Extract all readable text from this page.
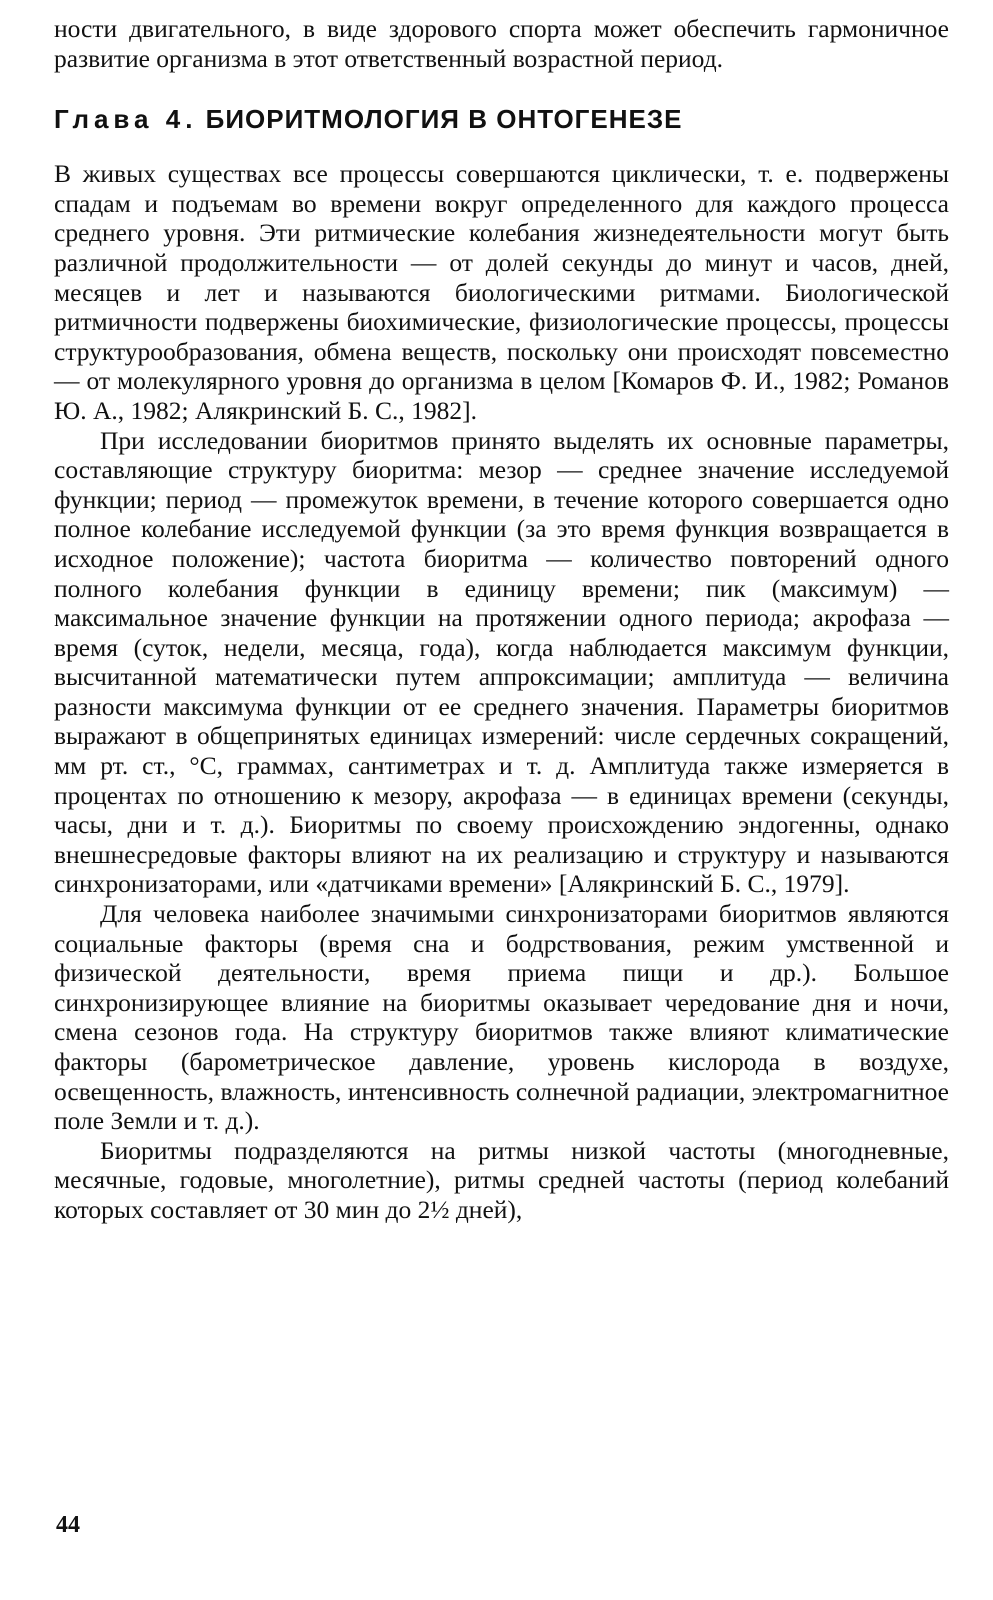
ности двигательного, в виде здорового спорта может обеспечить гармоничное развитие организма в этот ответственный возрастной период.

Глава 4. БИОРИТМОЛОГИЯ В ОНТОГЕНЕЗЕ

В живых существах все процессы совершаются циклически, т. е. подвержены спадам и подъемам во времени вокруг определенного для каждого процесса среднего уровня. Эти ритмические колебания жизнедеятельности могут быть различной продолжительности — от долей секунды до минут и часов, дней, месяцев и лет и называются биологическими ритмами. Биологической ритмичности подвержены биохимические, физиологические процессы, процессы структурообразования, обмена веществ, поскольку они происходят повсеместно — от молекулярного уровня до организма в целом [Комаров Ф. И., 1982; Романов Ю. А., 1982; Алякринский Б. С., 1982].

При исследовании биоритмов принято выделять их основные параметры, составляющие структуру биоритма: мезор — среднее значение исследуемой функции; период — промежуток времени, в течение которого совершается одно полное колебание исследуемой функции (за это время функция возвращается в исходное положение); частота биоритма — количество повторений одного полного колебания функции в единицу времени; пик (максимум) — максимальное значение функции на протяжении одного периода; акрофаза — время (суток, недели, месяца, года), когда наблюдается максимум функции, высчитанной математически путем аппроксимации; амплитуда — величина разности максимума функции от ее среднего значения. Параметры биоритмов выражают в общепринятых единицах измерений: числе сердечных сокращений, мм рт. ст., °С, граммах, сантиметрах и т. д. Амплитуда также измеряется в процентах по отношению к мезору, акрофаза — в единицах времени (секунды, часы, дни и т. д.). Биоритмы по своему происхождению эндогенны, однако внешнесредовые факторы влияют на их реализацию и структуру и называются синхронизаторами, или «датчиками времени» [Алякринский Б. С., 1979].

Для человека наиболее значимыми синхронизаторами биоритмов являются социальные факторы (время сна и бодрствования, режим умственной и физической деятельности, время приема пищи и др.). Большое синхронизирующее влияние на биоритмы оказывает чередование дня и ночи, смена сезонов года. На структуру биоритмов также влияют климатические факторы (барометрическое давление, уровень кислорода в воздухе, освещенность, влажность, интенсивность солнечной радиации, электромагнитное поле Земли и т. д.).

Биоритмы подразделяются на ритмы низкой частоты (многодневные, месячные, годовые, многолетние), ритмы средней частоты (период колебаний которых составляет от 30 мин до 2½ дней),

44
